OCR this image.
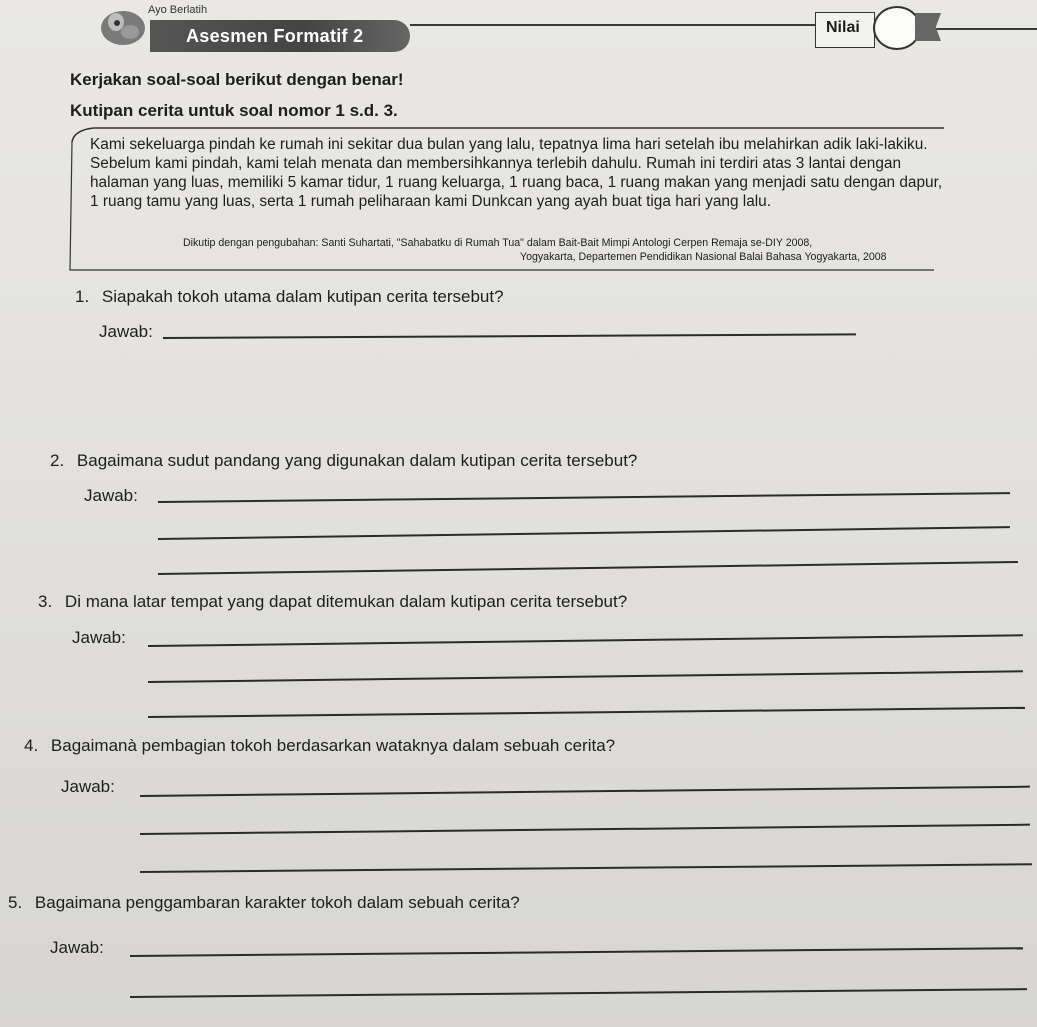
Ayo Berlatih
Asesmen Formatif 2	Nilai
Kerjakan soal-soal berikut dengan benar!
Kutipan cerita untuk soal nomor 1 s.d. 3.

Kami sekeluarga pindah ke rumah ini sekitar dua bulan yang lalu, tepatnya lima hari setelah ibu melahirkan adik laki-lakiku. Sebelum kami pindah, kami telah menata dan membersihkannya terlebih dahulu. Rumah ini terdiri atas 3 lantai dengan halaman yang luas, memiliki 5 kamar tidur, 1 ruang keluarga, 1 ruang baca, 1 ruang makan yang menjadi satu dengan dapur, 1 ruang tamu yang luas, serta 1 rumah peliharaan kami Dunkcan yang ayah buat tiga hari yang lalu.

Dikutip dengan pengubahan: Santi Suhartati, "Sahabatku di Rumah Tua" dalam Bait-Bait Mimpi Antologi Cerpen Remaja se-DIY 2008,
Yogyakarta, Departemen Pendidikan Nasional Balai Bahasa Yogyakarta, 2008
1. Siapakah tokoh utama dalam kutipan cerita tersebut?
Jawab:
2. Bagaimana sudut pandang yang digunakan dalam kutipan cerita tersebut?
Jawab:
3. Di mana latar tempat yang dapat ditemukan dalam kutipan cerita tersebut?
Jawab:
4. Bagaimanà pembagian tokoh berdasarkan wataknya dalam sebuah cerita?
Jawab:
5. Bagaimana penggambaran karakter tokoh dalam sebuah cerita?
Jawab:
